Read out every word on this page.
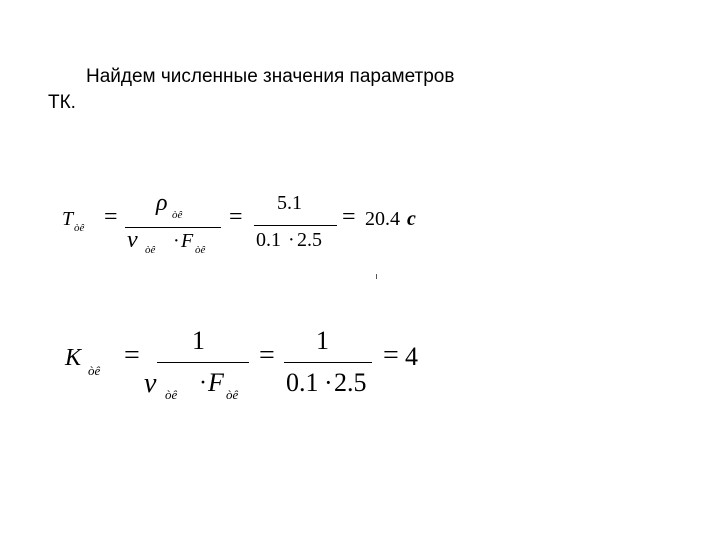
Найдем численные значения параметров
ТК.

T òê =
ρ òê
ν òê · F òê
=
5.1
0.1 · 2.5
= 20.4 c
K òê = 1
ν òê · F òê
= 1
0.1 · 2.5
= 4
